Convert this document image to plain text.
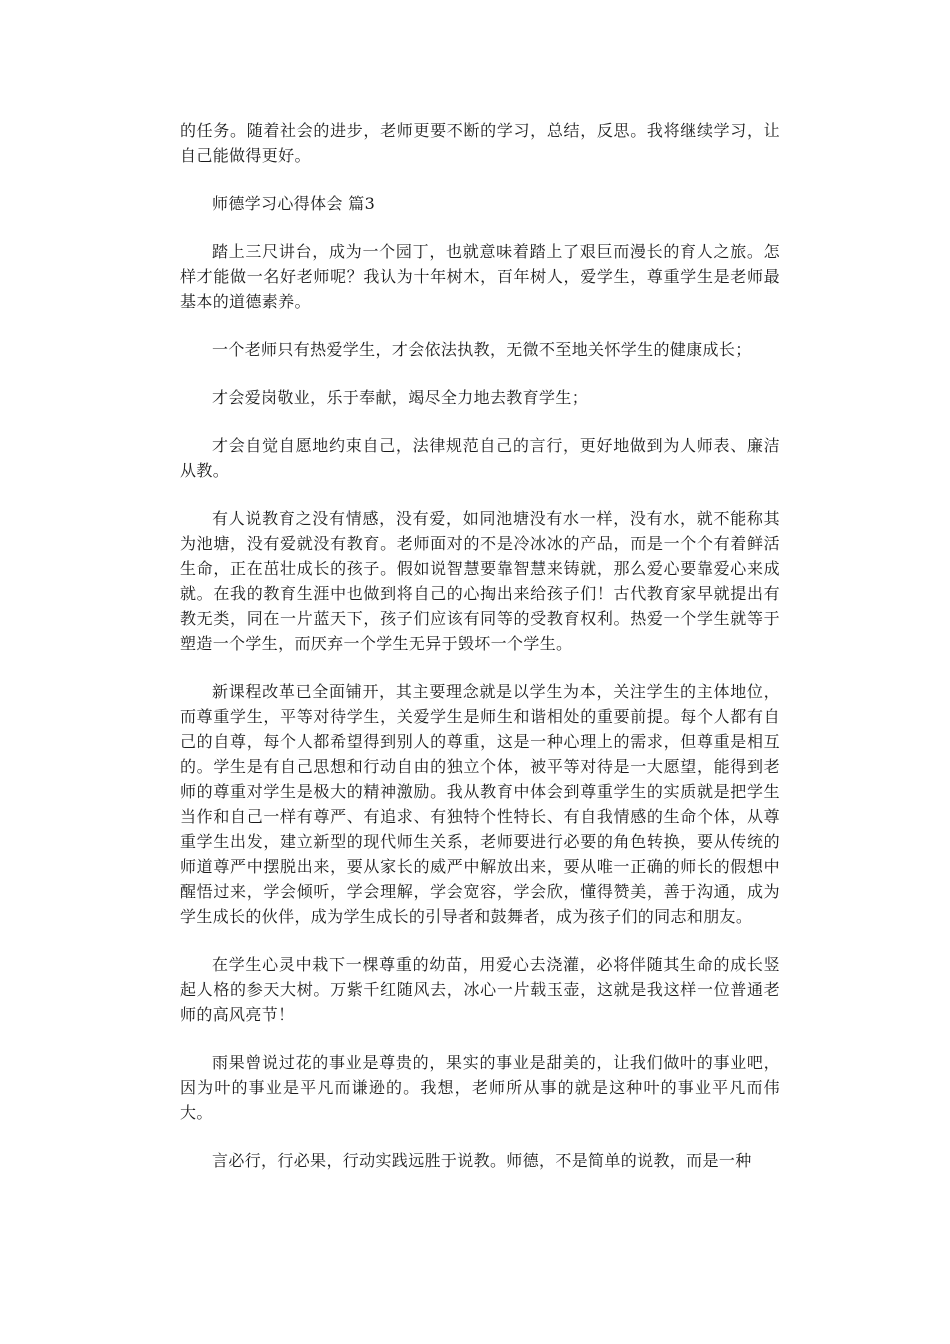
的任务。随着社会的进步，老师更要不断的学习，总结，反思。我将继续学习，让自己能做得更好。

师德学习心得体会 篇3

踏上三尺讲台，成为一个园丁，也就意味着踏上了艰巨而漫长的育人之旅。怎样才能做一名好老师呢？我认为十年树木，百年树人，爱学生，尊重学生是老师最基本的道德素养。

一个老师只有热爱学生，才会依法执教，无微不至地关怀学生的健康成长；

才会爱岗敬业，乐于奉献，竭尽全力地去教育学生；

才会自觉自愿地约束自己，法律规范自己的言行，更好地做到为人师表、廉洁从教。

有人说教育之没有情感，没有爱，如同池塘没有水一样，没有水，就不能称其为池塘，没有爱就没有教育。老师面对的不是冷冰冰的产品，而是一个个有着鲜活生命，正在茁壮成长的孩子。假如说智慧要靠智慧来铸就，那么爱心要靠爱心来成就。在我的教育生涯中也做到将自己的心掏出来给孩子们！古代教育家早就提出有教无类，同在一片蓝天下，孩子们应该有同等的受教育权利。热爱一个学生就等于塑造一个学生，而厌弃一个学生无异于毁坏一个学生。

新课程改革已全面铺开，其主要理念就是以学生为本，关注学生的主体地位，而尊重学生，平等对待学生，关爱学生是师生和谐相处的重要前提。每个人都有自己的自尊，每个人都希望得到别人的尊重，这是一种心理上的需求，但尊重是相互的。学生是有自己思想和行动自由的独立个体，被平等对待是一大愿望，能得到老师的尊重对学生是极大的精神激励。我从教育中体会到尊重学生的实质就是把学生当作和自己一样有尊严、有追求、有独特个性特长、有自我情感的生命个体，从尊重学生出发，建立新型的现代师生关系，老师要进行必要的角色转换，要从传统的师道尊严中摆脱出来，要从家长的威严中解放出来，要从唯一正确的师长的假想中醒悟过来，学会倾听，学会理解，学会宽容，学会欣，懂得赞美，善于沟通，成为学生成长的伙伴，成为学生成长的引导者和鼓舞者，成为孩子们的同志和朋友。

在学生心灵中栽下一棵尊重的幼苗，用爱心去浇灌，必将伴随其生命的成长竖起人格的参天大树。万紫千红随风去，冰心一片载玉壶，这就是我这样一位普通老师的高风亮节！

雨果曾说过花的事业是尊贵的，果实的事业是甜美的，让我们做叶的事业吧，因为叶的事业是平凡而谦逊的。我想，老师所从事的就是这种叶的事业平凡而伟大。

言必行，行必果，行动实践远胜于说教。师德，不是简单的说教，而是一种
